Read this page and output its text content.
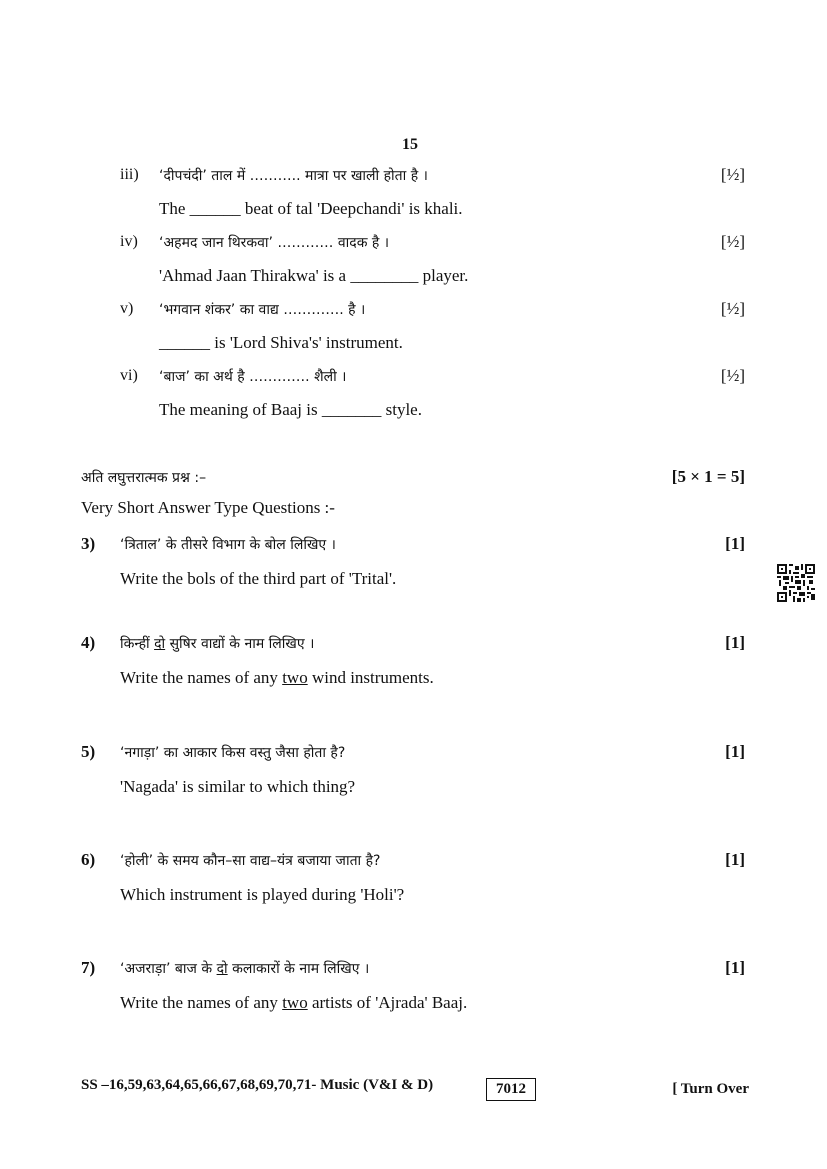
15
iii) ‘दीपचंदी’ ताल में ……….. मात्रा पर खाली होता है ।	[½]
The ______ beat of tal 'Deepchandi' is khali.
iv) ‘अहमद जान थिरकवा’ ………… वादक है ।	[½]
'Ahmad Jaan Thirakwa' is a ________ player.
v) ‘भगवान शंकर’ का वाद्य …………. है ।	[½]
______ is 'Lord Shiva's' instrument.
vi) ‘बाज’ का अर्थ है …………. शैली ।	[½]
The meaning of Baaj is _______ style.
अति लघुत्तरात्मक प्रश्न :–	[5 × 1 = 5]
Very Short Answer Type Questions :-
3) ‘त्रिताल’ के तीसरे विभाग के बोल लिखिए ।	[1]
Write the bols of the third part of 'Trital'.
4) किन्हीं दो सुषिर वाद्यों के नाम लिखिए ।	[1]
Write the names of any two wind instruments.
5) ‘नगाड़ा’ का आकार किस वस्तु जैसा होता है?	[1]
'Nagada' is similar to which thing?
6) ‘होली’ के समय कौन–सा वाद्य–यंत्र बजाया जाता है?	[1]
Which instrument is played during 'Holi'?
7) ‘अजराड़ा’ बाज के दो कलाकारों के नाम लिखिए ।	[1]
Write the names of any two artists of 'Ajrada' Baaj.
SS –16,59,63,64,65,66,67,68,69,70,71- Music (V&I & D)	7012	[ Turn Over
